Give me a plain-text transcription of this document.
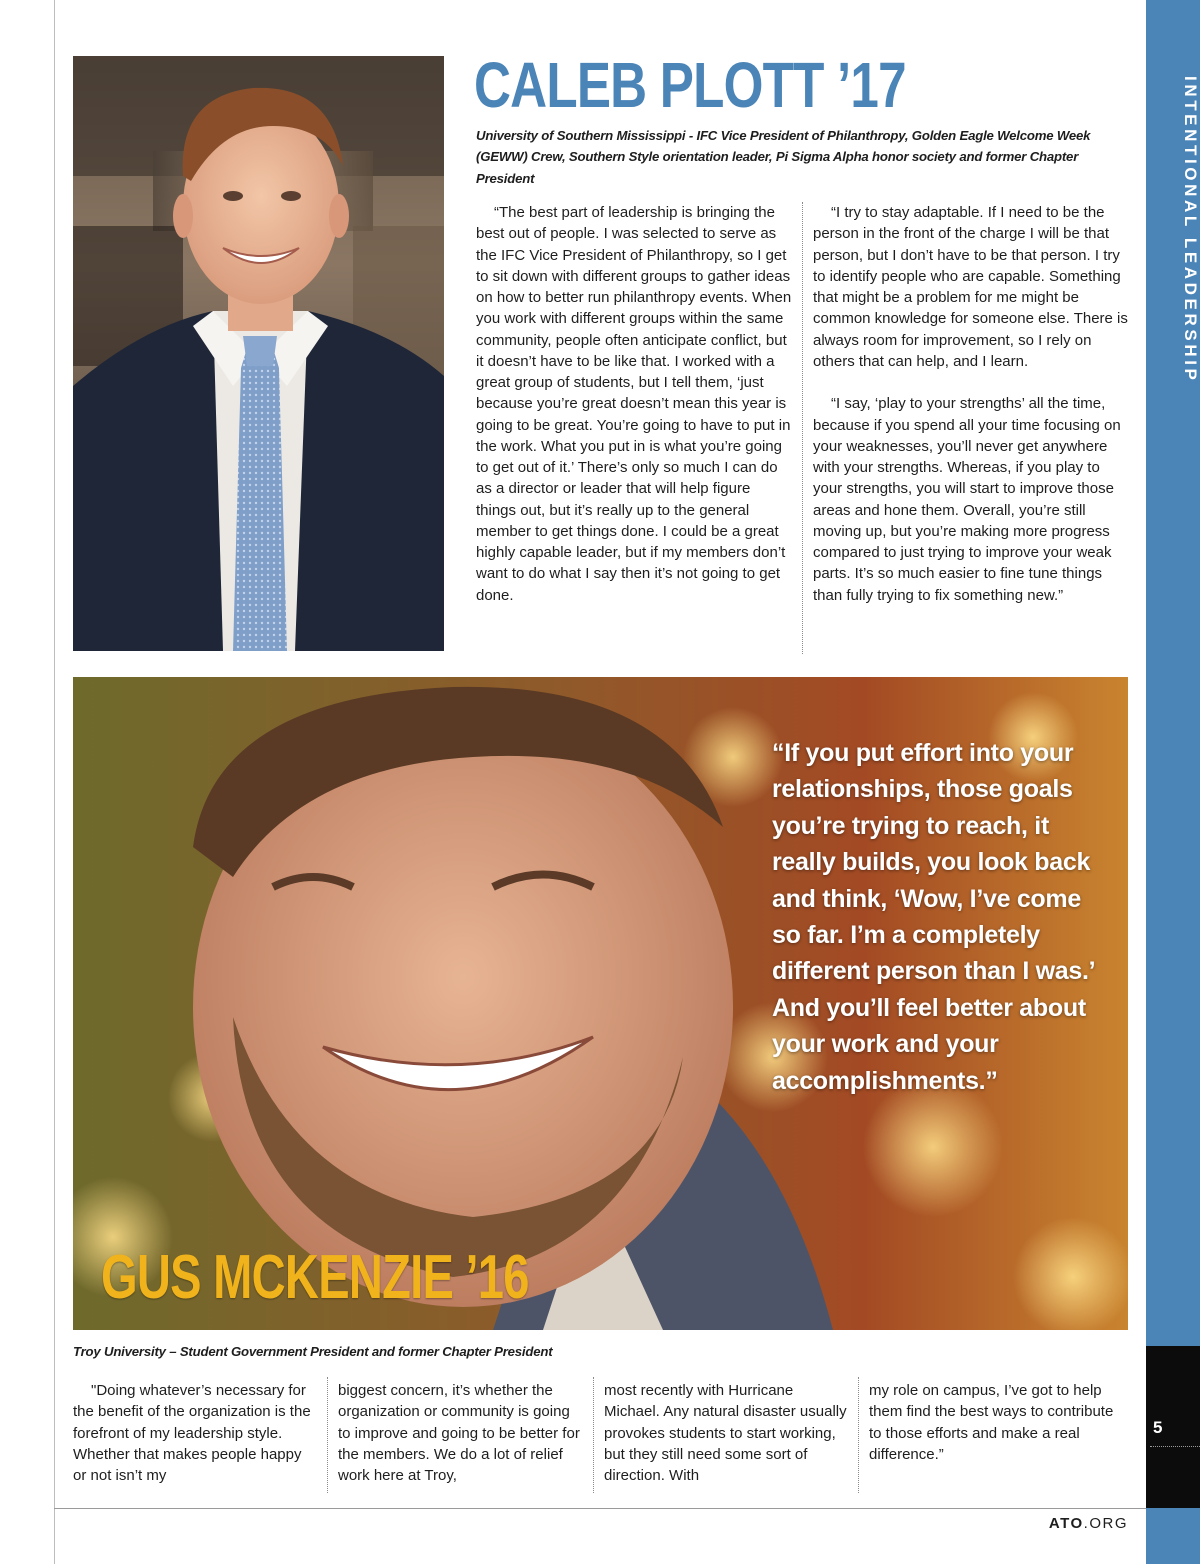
INTENTIONAL LEADERSHIP
5
CALEB PLOTT ’17
University of Southern Mississippi - IFC Vice President of Philanthropy, Golden Eagle Welcome Week (GEWW) Crew, Southern Style orientation leader, Pi Sigma Alpha honor society and former Chapter President

“The best part of leadership is bringing the best out of people. I was selected to serve as the IFC Vice President of Philanthropy, so I get to sit down with different groups to gather ideas on how to better run philanthropy events. When you work with different groups within the same community, people often anticipate conflict, but it doesn’t have to be like that. I worked with a great group of students, but I tell them, ‘just because you’re great doesn’t mean this year is going to be great. You’re going to have to put in the work. What you put in is what you’re going to get out of it.’ There’s only so much I can do as a director or leader that will help figure things out, but it’s really up to the general member to get things done. I could be a great highly capable leader, but if my members don’t want to do what I say then it’s not going to get done.

“I try to stay adaptable. If I need to be the person in the front of the charge I will be that person, but I don’t have to be that person. I try to identify people who are capable. Something that might be a problem for me might be common knowledge for someone else. There is always room for improvement, so I rely on others that can help, and I learn.

“I say, ‘play to your strengths’ all the time, because if you spend all your time focusing on your weaknesses, you’ll never get anywhere with your strengths. Whereas, if you play to your strengths, you will start to improve those areas and hone them. Overall, you’re still moving up, but you’re making more progress compared to just trying to improve your weak parts. It’s so much easier to fine tune things than fully trying to fix something new.”

“If you put effort into your relationships, those goals you’re trying to reach, it really builds, you look back and think, ‘Wow, I’ve come so far. I’m a completely different person than I was.’ And you’ll feel better about your work and your accomplishments.”

GUS MCKENZIE ’16
Troy University – Student Government President and former Chapter President

"Doing whatever’s necessary for the benefit of the organization is the forefront of my leadership style. Whether that makes people happy or not isn’t my

biggest concern, it’s whether the organization or community is going to improve and going to be better for the members. We do a lot of relief work here at Troy,

most recently with Hurricane Michael. Any natural disaster usually provokes students to start working, but they still need some sort of direction. With

my role on campus, I’ve got to help them find the best ways to contribute to those efforts and make a real difference.”

ATO.ORG
